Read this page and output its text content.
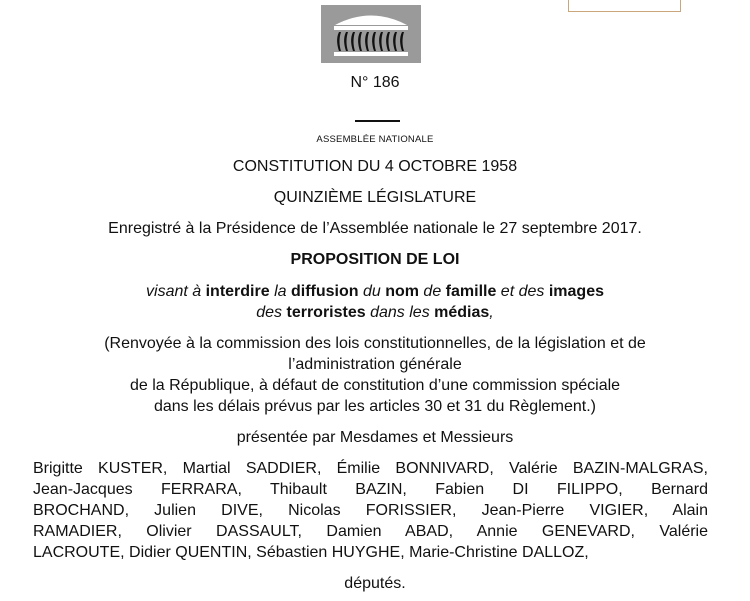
N° 186
ASSEMBLÉE NATIONALE
CONSTITUTION DU 4 OCTOBRE 1958
QUINZIÈME LÉGISLATURE
Enregistré à la Présidence de l’Assemblée nationale le 27 septembre 2017.
PROPOSITION DE LOI
visant à interdire la diffusion du nom de famille et des images
des terroristes dans les médias,
(Renvoyée à la commission des lois constitutionnelles, de la législation et de
l’administration générale
de la République, à défaut de constitution d’une commission spéciale
dans les délais prévus par les articles 30 et 31 du Règlement.)
présentée par Mesdames et Messieurs
Brigitte KUSTER, Martial SADDIER, Émilie BONNIVARD, Valérie BAZIN-MALGRAS,
Jean-Jacques FERRARA, Thibault BAZIN, Fabien DI FILIPPO, Bernard
BROCHAND, Julien DIVE, Nicolas FORISSIER, Jean-Pierre VIGIER, Alain
RAMADIER, Olivier DASSAULT, Damien ABAD, Annie GENEVARD, Valérie
LACROUTE, Didier QUENTIN, Sébastien HUYGHE, Marie-Christine DALLOZ,
députés.
